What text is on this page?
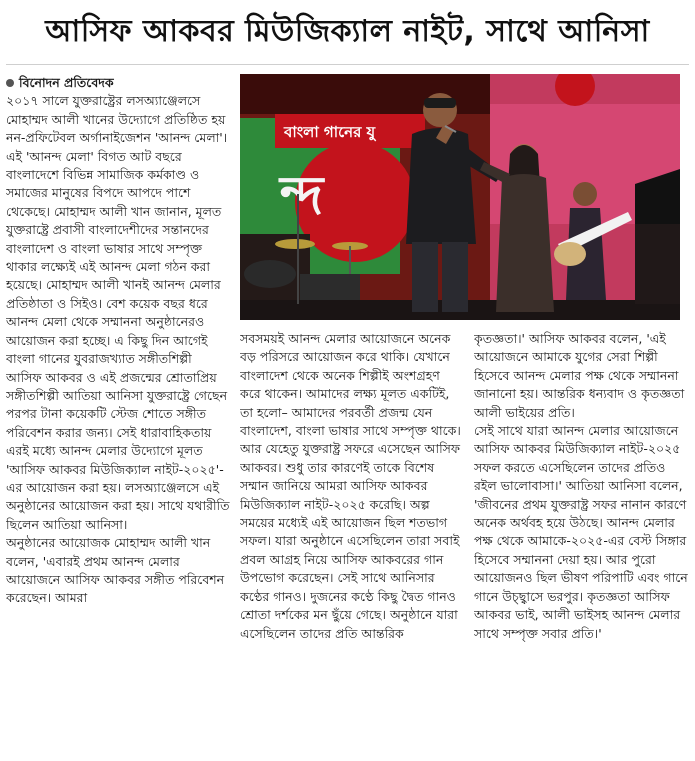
আসিফ আকবর মিউজিক্যাল নাইট, সাথে আনিসা
বিনোদন প্রতিবেদক

২০১৭ সালে যুক্তরাষ্ট্রের লসঅ্যাঞ্জেলসে মোহাম্মদ আলী খানের উদ্যোগে প্রতিষ্ঠিত হয় নন-প্রফিটেবল অর্গানাইজেশন 'আনন্দ মেলা'। এই 'আনন্দ মেলা' বিগত আট বছরে বাংলাদেশে বিভিন্ন সামাজিক কর্মকাণ্ড ও সমাজের মানুষের বিপদে আপদে পাশে থেকেছে। মোহাম্মদ আলী খান জানান, মূলত যুক্তরাষ্ট্রে প্রবাসী বাংলাদেশীদের সন্তানদের বাংলাদেশ ও বাংলা ভাষার সাথে সম্পৃক্ত থাকার লক্ষ্যেই এই আনন্দ মেলা গঠন করা হয়েছে। মোহাম্মদ আলী খানই আনন্দ মেলার প্রতিষ্ঠাতা ও সিইও। বেশ কয়েক বছর ধরে আনন্দ মেলা থেকে সম্মাননা অনুষ্ঠানেরও আয়োজন করা হচ্ছে। এ কিছু দিন আগেই বাংলা গানের যুবরাজখ্যাত সঙ্গীতশিল্পী আসিফ আকবর ও এই প্রজন্মের শ্রোতাপ্রিয় সঙ্গীতশিল্পী আতিয়া আনিসা যুক্তরাষ্ট্রে গেছেন পরপর টানা কয়েকটি স্টেজ শোতে সঙ্গীত পরিবেশন করার জন্য। সেই ধারাবাহিকতায় এরই মধ্যে আনন্দ মেলার উদ্যোগে মূলত 'আসিফ আকবর মিউজিক্যাল নাইট-২০২৫'-এর আয়োজন করা হয়। লসঅ্যাঞ্জেলসে এই অনুষ্ঠানের আয়োজন করা হয়। সাথে যথারীতি ছিলেন আতিয়া আনিসা।

অনুষ্ঠানের আয়োজক মোহাম্মদ আলী খান বলেন, 'এবারই প্রথম আনন্দ মেলার আয়োজনে আসিফ আকবর সঙ্গীত পরিবেশন করেছেন। আমরা

ন্দ
বাংলা গানের যু

সবসময়ই আনন্দ মেলার আয়োজনে অনেক বড় পরিসরে আয়োজন করে থাকি। যেখানে বাংলাদেশ থেকে অনেক শিল্পীই অংশগ্রহণ করে থাকেন। আমাদের লক্ষ্য মূলত একটিই, তা হলো– আমাদের পরবর্তী প্রজন্ম যেন বাংলাদেশ, বাংলা ভাষার সাথে সম্পৃক্ত থাকে। আর যেহেতু যুক্তরাষ্ট্র সফরে এসেছেন আসিফ আকবর। শুধু তার কারণেই তাকে বিশেষ সম্মান জানিয়ে আমরা আসিফ আকবর মিউজিক্যাল নাইট-২০২৫ করেছি। অল্প সময়ের মধ্যেই এই আয়োজন ছিল শতভাগ সফল। যারা অনুষ্ঠানে এসেছিলেন তারা সবাই প্রবল আগ্রহ নিয়ে আসিফ আকবরের গান উপভোগ করেছেন। সেই সাথে আনিসার কণ্ঠের গানও। দুজনের কণ্ঠে কিছু দ্বৈত গানও শ্রোতা দর্শকের মন ছুঁয়ে গেছে। অনুষ্ঠানে যারা এসেছিলেন তাদের প্রতি আন্তরিক

কৃতজ্ঞতা।' আসিফ আকবর বলেন, 'এই আয়োজনে আমাকে যুগের সেরা শিল্পী হিসেবে আনন্দ মেলার পক্ষ থেকে সম্মাননা জানানো হয়। আন্তরিক ধন্যবাদ ও কৃতজ্ঞতা আলী ভাইয়ের প্রতি।

সেই সাথে যারা আনন্দ মেলার আয়োজনে আসিফ আকবর মিউজিক্যাল নাইট-২০২৫ সফল করতে এসেছিলেন তাদের প্রতিও রইল ভালোবাসা।' আতিয়া আনিসা বলেন, 'জীবনের প্রথম যুক্তরাষ্ট্র সফর নানান কারণে অনেক অর্থবহ হয়ে উঠছে। আনন্দ মেলার পক্ষ থেকে আমাকে-২০২৫-এর বেস্ট সিঙ্গার হিসেবে সম্মাননা দেয়া হয়। আর পুরো আয়োজনও ছিল ভীষণ পরিপাটি এবং গানে গানে উচ্ছ্বাসে ভরপুর। কৃতজ্ঞতা আসিফ আকবর ভাই, আলী ভাইসহ আনন্দ মেলার সাথে সম্পৃক্ত সবার প্রতি।'
